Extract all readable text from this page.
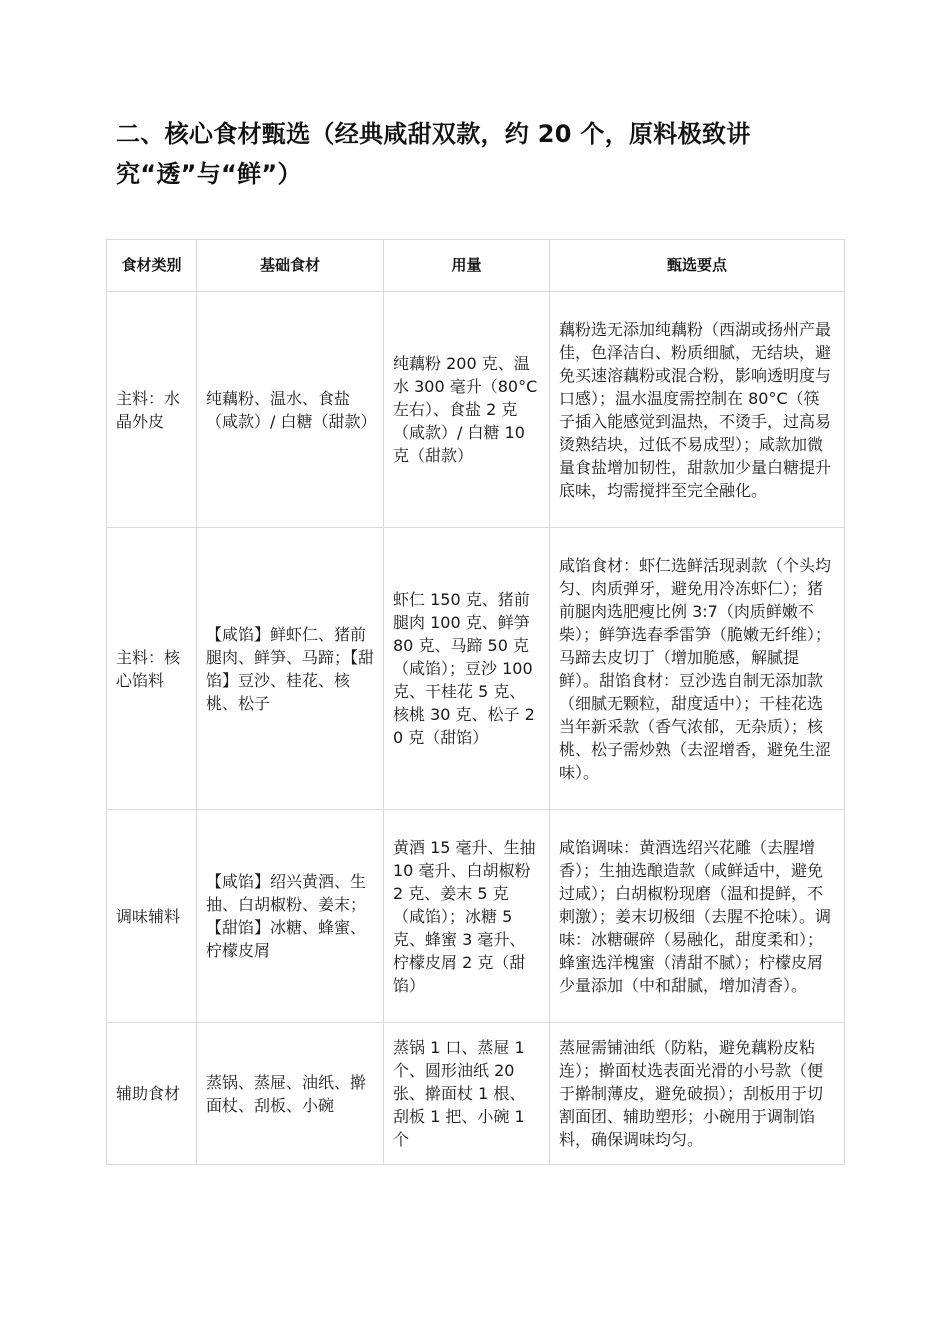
二、核心食材甄选（经典咸甜双款，约 20 个，原料极致讲究“透”与“鲜”）
食材类别	基础食材	用量	甄选要点
主料：水晶外皮	纯藕粉、温水、食盐（咸款）/ 白糖（甜款）	纯藕粉 200 克、温水 300 毫升（80°C左右）、食盐 2 克（咸款）/ 白糖 10 克（甜款）	藕粉选无添加纯藕粉（西湖或扬州产最佳，色泽洁白、粉质细腻，无结块，避免买速溶藕粉或混合粉，影响透明度与口感）；温水温度需控制在 80°C（筷子插入能感觉到温热，不烫手，过高易烫熟结块，过低不易成型）；咸款加微量食盐增加韧性，甜款加少量白糖提升底味，均需搅拌至完全融化。
主料：核心馅料	【咸馅】鲜虾仁、猪前腿肉、鲜笋、马蹄；【甜馅】豆沙、桂花、核桃、松子	虾仁 150 克、猪前腿肉 100 克、鲜笋 80 克、马蹄 50 克（咸馅）；豆沙 100 克、干桂花 5 克、核桃 30 克、松子 20 克（甜馅）	咸馅食材：虾仁选鲜活现剥款（个头均匀、肉质弹牙，避免用冷冻虾仁）；猪前腿肉选肥瘦比例 3:7（肉质鲜嫩不柴）；鲜笋选春季雷笋（脆嫩无纤维）；马蹄去皮切丁（增加脆感，解腻提鲜）。甜馅食材：豆沙选自制无添加款（细腻无颗粒，甜度适中）；干桂花选当年新采款（香气浓郁，无杂质）；核桃、松子需炒熟（去涩增香，避免生涩味）。
调味辅料	【咸馅】绍兴黄酒、生抽、白胡椒粉、姜末；【甜馅】冰糖、蜂蜜、柠檬皮屑	黄酒 15 毫升、生抽 10 毫升、白胡椒粉 2 克、姜末 5 克（咸馅）；冰糖 5 克、蜂蜜 3 毫升、柠檬皮屑 2 克（甜馅）	咸馅调味：黄酒选绍兴花雕（去腥增香）；生抽选酿造款（咸鲜适中，避免过咸）；白胡椒粉现磨（温和提鲜，不刺激）；姜末切极细（去腥不抢味）。调味：冰糖碾碎（易融化，甜度柔和）；蜂蜜选洋槐蜜（清甜不腻）；柠檬皮屑少量添加（中和甜腻，增加清香）。
辅助食材	蒸锅、蒸屉、油纸、擀面杖、刮板、小碗	蒸锅 1 口、蒸屉 1 个、圆形油纸 20 张、擀面杖 1 根、刮板 1 把、小碗 1 个	蒸屉需铺油纸（防粘，避免藕粉皮粘连）；擀面杖选表面光滑的小号款（便于擀制薄皮，避免破损）；刮板用于切割面团、辅助塑形；小碗用于调制馅料，确保调味均匀。
